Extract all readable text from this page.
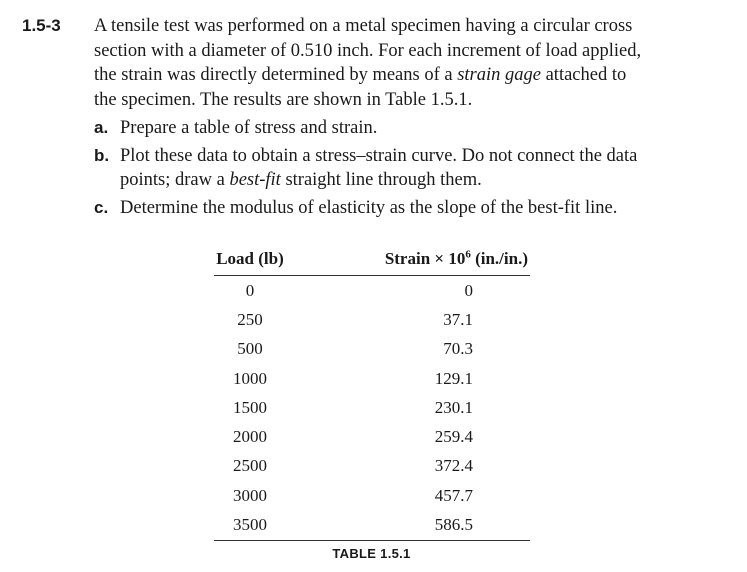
1.5-3 A tensile test was performed on a metal specimen having a circular cross
section with a diameter of 0.510 inch. For each increment of load applied,
the strain was directly determined by means of a strain gage attached to
the specimen. The results are shown in Table 1.5.1.
a. Prepare a table of stress and strain.
b. Plot these data to obtain a stress–strain curve. Do not connect the data
points; draw a best-fit straight line through them.
c. Determine the modulus of elasticity as the slope of the best-fit line.
Load (lb)	Strain × $10^6$ (in./in.)
0	0
250	37.1
500	70.3
1000	129.1
1500	230.1
2000	259.4
2500	372.4
3000	457.7
3500	586.5
TABLE 1.5.1
